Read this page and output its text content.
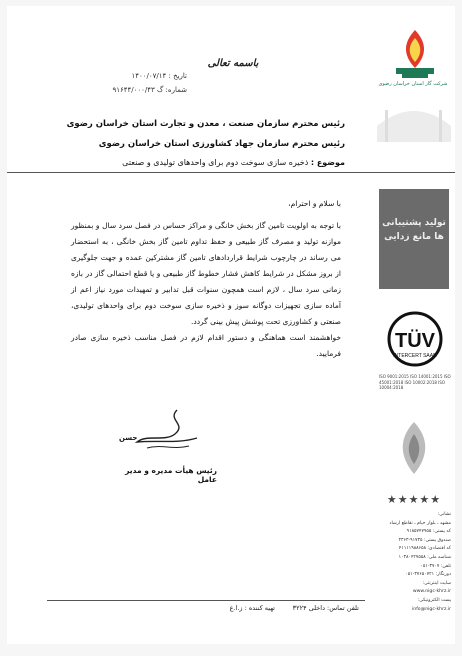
شرکت گاز استان خراسان رضوی
باسمه تعالی
تاریخ : ۱۴۰۰/۰۷/۱۴
شماره: گ ۹۱۶۴۴/۰۰۰/۴۳
رئیس محترم سازمان صنعت ، معدن و تجارت استان خراسان رضوی
رئیس محترم سازمان جهاد کشاورزی استان خراسان رضوی
موضوع : ذخیره سازی سوخت دوم برای واحدهای تولیدی و صنعتی

با سلام و احترام،

با توجه به اولویت تامین گاز بخش خانگی و مراکز حساس در فصل سرد سال و بمنظور موازنه تولید و مصرف گاز طبیعی و حفظ تداوم تامین گاز بخش خانگی ، به استحضار می رساند در چارچوب شرایط قراردادهای تامین گاز مشترکین عمده و جهت جلوگیری از بروز مشکل در شرایط کاهش فشار خطوط گاز طبیعی و یا قطع احتمالی گاز در بازه زمانی سرد سال ، لازم است همچون سنوات قبل تدابیر و تمهیدات مورد نیاز اعم از آماده سازی تجهیزات دوگانه سوز و ذخیره سازی سوخت دوم برای واحدهای تولیدی، صنعتی و کشاورزی تحت پوشش پیش بینی گردد.

خواهشمند است هماهنگی و دستور اقدام لازم در فصل مناسب ذخیره سازی صادر فرمایید.

حسن
رئیس هیأت مدیره و مدیر عامل
تولید پشتیبانی ها مانع زدایی
TÜV
INTERCERT SAAR
ISO 9001:2015 ISO 14001:2015 ISO 45001:2018 ISO 10002:2018 ISO 10004:2018
★★★★★
نشانی:
مشهد ـ بلوار خیام ـ تقاطع ارشاد
کد پستی: ۹۱۸۵۷۴۷۹۵۵
صندوق پستی: ۹۱۷۳۵-۲۳۶۳
کد اقتصادی: ۴۱۱۱۱۹۸۸۶۵۸
شناسه ملی: ۱۰۳۸۰۴۲۷۵۵۸
تلفن: ۳۷۰۷-۰۵۱
دورنگار: ۳۷۶۵۰۷۲۱-۰۵۱
سایت اینترنتی:
www.nigc-khrz.ir
پست الکترونیکی:
info@nigc-khrz.ir
تهیه کننده : ز.ا.ع	تلفن تماس: داخلی ۳۲۲۴
